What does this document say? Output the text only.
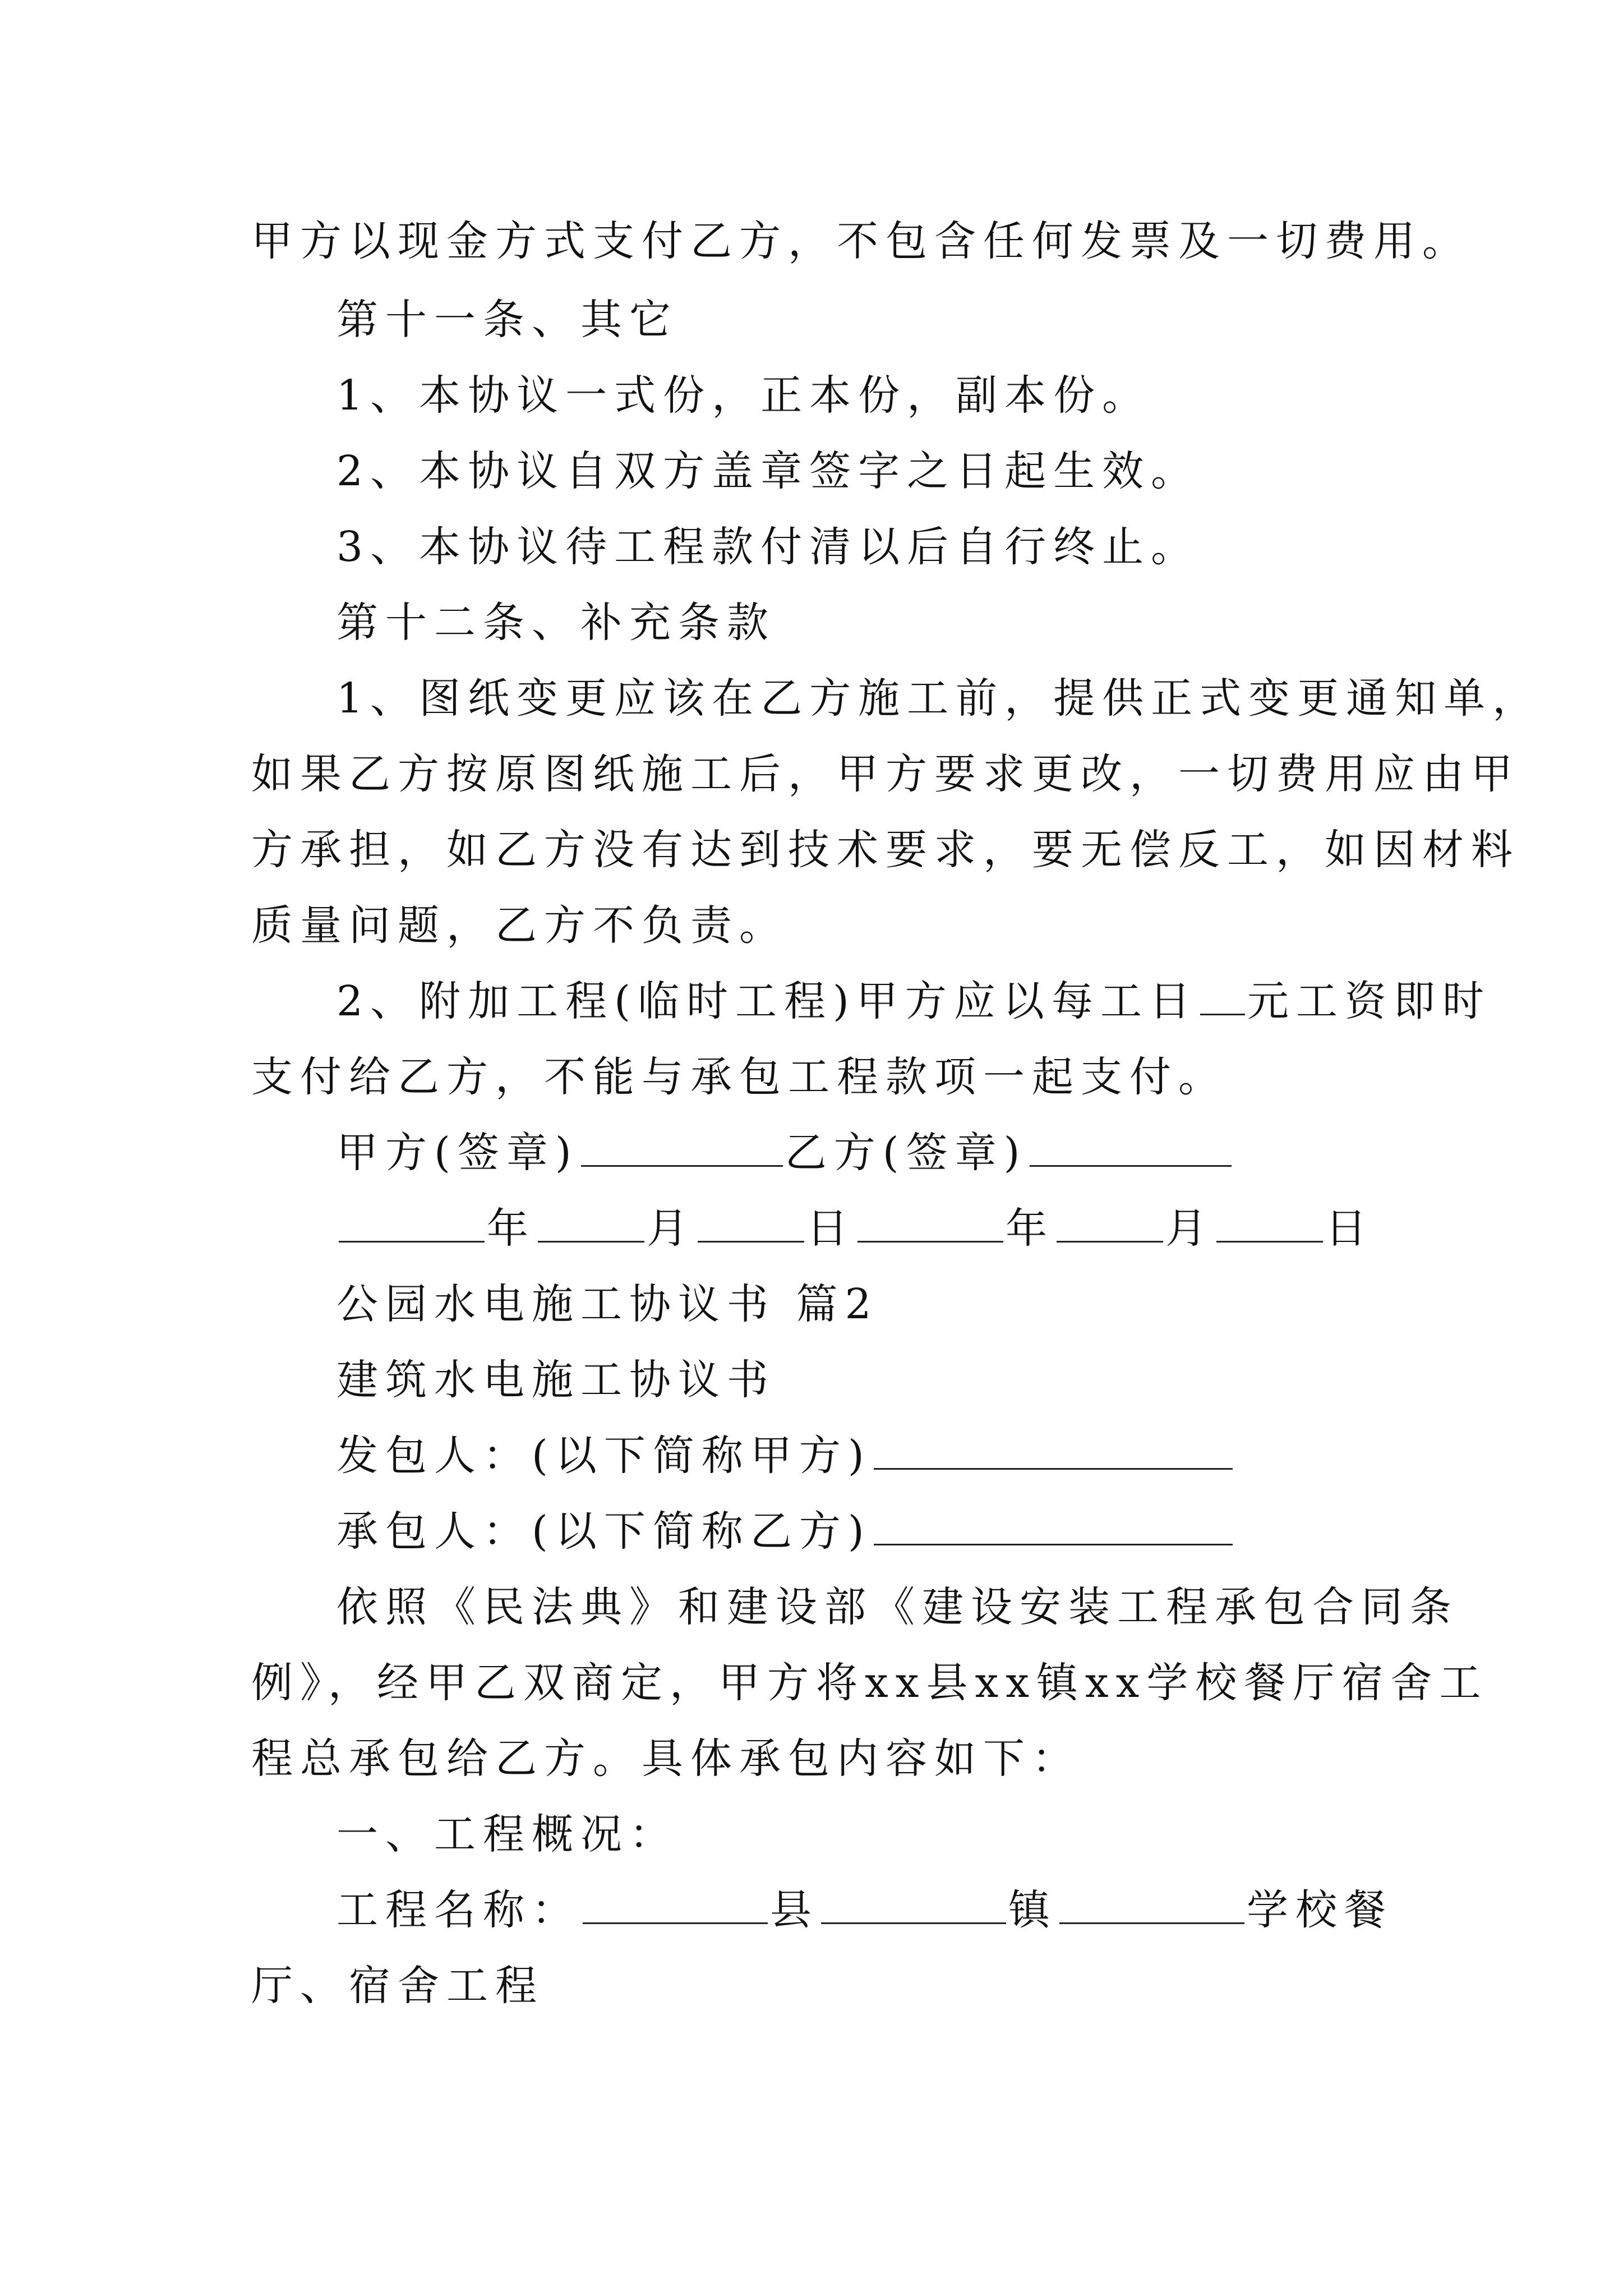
甲方以现金方式支付乙方，不包含任何发票及一切费用。
第十一条、其它
1、本协议一式份，正本份，副本份。
2、本协议自双方盖章签字之日起生效。
3、本协议待工程款付清以后自行终止。
第十二条、补充条款
1、图纸变更应该在乙方施工前，提供正式变更通知单，
如果乙方按原图纸施工后，甲方要求更改，一切费用应由甲
方承担，如乙方没有达到技术要求，要无偿反工，如因材料
质量问题，乙方不负责。
2、附加工程(临时工程)甲方应以每工日 元工资即时
支付给乙方，不能与承包工程款项一起支付。
甲方(签章)	乙方(签章)
年	月	日	年	月	日
公园水电施工协议书 篇2
建筑水电施工协议书
发包人：(以下简称甲方)
承包人：(以下简称乙方)
依照《民法典》和建设部《建设安装工程承包合同条
例》，经甲乙双商定，甲方将xx县xx镇xx学校餐厅宿舍工
程总承包给乙方。具体承包内容如下：
一、工程概况：
工程名称：	县	镇	学校餐
厅、宿舍工程
